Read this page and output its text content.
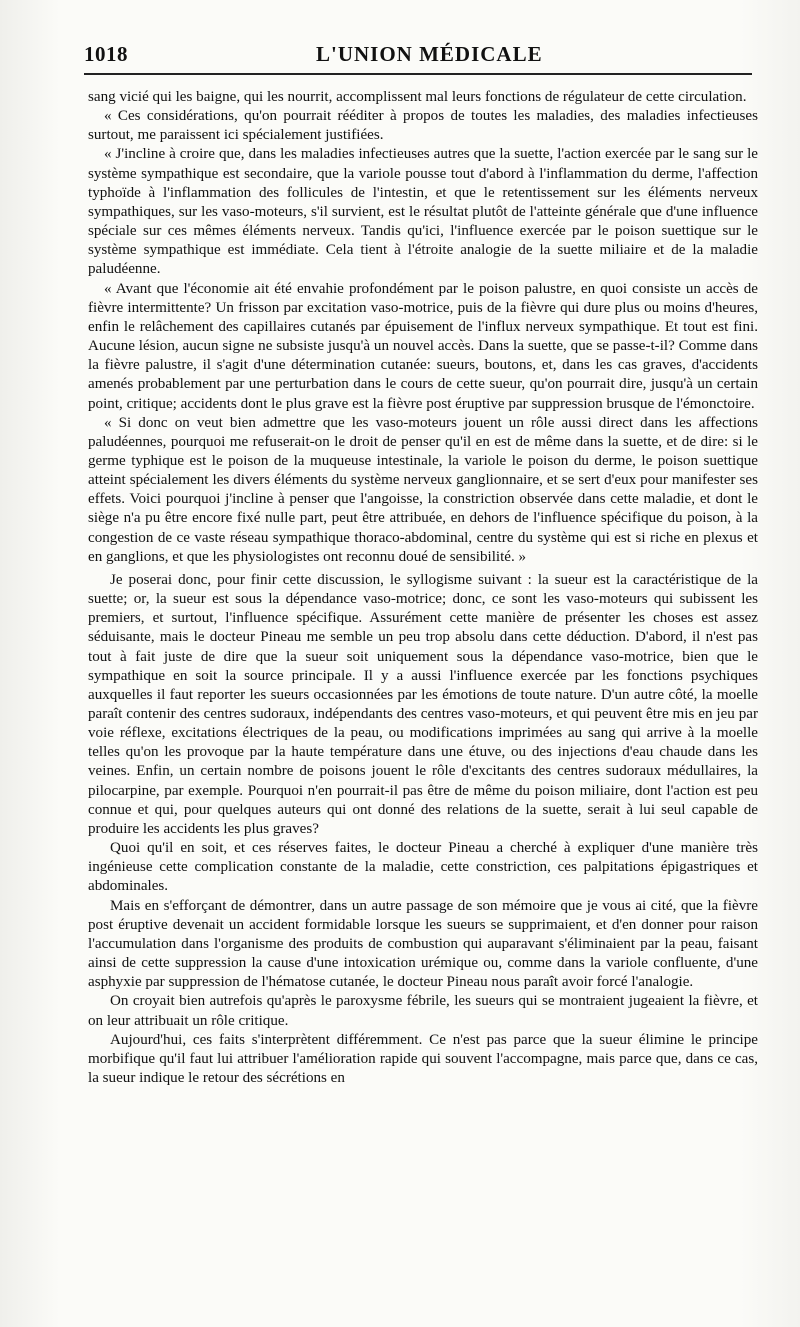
1018	L'UNION MÉDICALE

sang vicié qui les baigne, qui les nourrit, accomplissent mal leurs fonctions de régulateur de cette circulation.

« Ces considérations, qu'on pourrait rééditer à propos de toutes les maladies, des maladies infectieuses surtout, me paraissent ici spécialement justifiées.

« J'incline à croire que, dans les maladies infectieuses autres que la suette, l'action exercée par le sang sur le système sympathique est secondaire, que la variole pousse tout d'abord à l'inflammation du derme, l'affection typhoïde à l'inflammation des follicules de l'intestin, et que le retentissement sur les éléments nerveux sympathiques, sur les vaso-moteurs, s'il survient, est le résultat plutôt de l'atteinte générale que d'une influence spéciale sur ces mêmes éléments nerveux. Tandis qu'ici, l'influence exercée par le poison suettique sur le système sympathique est immédiate. Cela tient à l'étroite analogie de la suette miliaire et de la maladie paludéenne.

« Avant que l'économie ait été envahie profondément par le poison palustre, en quoi consiste un accès de fièvre intermittente? Un frisson par excitation vaso-motrice, puis de la fièvre qui dure plus ou moins d'heures, enfin le relâchement des capillaires cutanés par épuisement de l'influx nerveux sympathique. Et tout est fini. Aucune lésion, aucun signe ne subsiste jusqu'à un nouvel accès. Dans la suette, que se passe-t-il? Comme dans la fièvre palustre, il s'agit d'une détermination cutanée: sueurs, boutons, et, dans les cas graves, d'accidents amenés probablement par une perturbation dans le cours de cette sueur, qu'on pourrait dire, jusqu'à un certain point, critique; accidents dont le plus grave est la fièvre post éruptive par suppression brusque de l'émonctoire.

« Si donc on veut bien admettre que les vaso-moteurs jouent un rôle aussi direct dans les affections paludéennes, pourquoi me refuserait-on le droit de penser qu'il en est de même dans la suette, et de dire: si le germe typhique est le poison de la muqueuse intestinale, la variole le poison du derme, le poison suettique atteint spécialement les divers éléments du système nerveux ganglionnaire, et se sert d'eux pour manifester ses effets. Voici pourquoi j'incline à penser que l'angoisse, la constriction observée dans cette maladie, et dont le siège n'a pu être encore fixé nulle part, peut être attribuée, en dehors de l'influence spécifique du poison, à la congestion de ce vaste réseau sympathique thoraco-abdominal, centre du système qui est si riche en plexus et en ganglions, et que les physiologistes ont reconnu doué de sensibilité. »

Je poserai donc, pour finir cette discussion, le syllogisme suivant : la sueur est la caractéristique de la suette; or, la sueur est sous la dépendance vaso-motrice; donc, ce sont les vaso-moteurs qui subissent les premiers, et surtout, l'influence spécifique. Assurément cette manière de présenter les choses est assez séduisante, mais le docteur Pineau me semble un peu trop absolu dans cette déduction. D'abord, il n'est pas tout à fait juste de dire que la sueur soit uniquement sous la dépendance vaso-motrice, bien que le sympathique en soit la source principale. Il y a aussi l'influence exercée par les fonctions psychiques auxquelles il faut reporter les sueurs occasionnées par les émotions de toute nature. D'un autre côté, la moelle paraît contenir des centres sudoraux, indépendants des centres vaso-moteurs, et qui peuvent être mis en jeu par voie réflexe, excitations électriques de la peau, ou modifications imprimées au sang qui arrive à la moelle telles qu'on les provoque par la haute température dans une étuve, ou des injections d'eau chaude dans les veines. Enfin, un certain nombre de poisons jouent le rôle d'excitants des centres sudoraux médullaires, la pilocarpine, par exemple. Pourquoi n'en pourrait-il pas être de même du poison miliaire, dont l'action est peu connue et qui, pour quelques auteurs qui ont donné des relations de la suette, serait à lui seul capable de produire les accidents les plus graves?

Quoi qu'il en soit, et ces réserves faites, le docteur Pineau a cherché à expliquer d'une manière très ingénieuse cette complication constante de la maladie, cette constriction, ces palpitations épigastriques et abdominales.

Mais en s'efforçant de démontrer, dans un autre passage de son mémoire que je vous ai cité, que la fièvre post éruptive devenait un accident formidable lorsque les sueurs se supprimaient, et d'en donner pour raison l'accumulation dans l'organisme des produits de combustion qui auparavant s'éliminaient par la peau, faisant ainsi de cette suppression la cause d'une intoxication urémique ou, comme dans la variole confluente, d'une asphyxie par suppression de l'hématose cutanée, le docteur Pineau nous paraît avoir forcé l'analogie.

On croyait bien autrefois qu'après le paroxysme fébrile, les sueurs qui se montraient jugeaient la fièvre, et on leur attribuait un rôle critique.

Aujourd'hui, ces faits s'interprètent différemment. Ce n'est pas parce que la sueur élimine le principe morbifique qu'il faut lui attribuer l'amélioration rapide qui souvent l'accompagne, mais parce que, dans ce cas, la sueur indique le retour des sécrétions en
